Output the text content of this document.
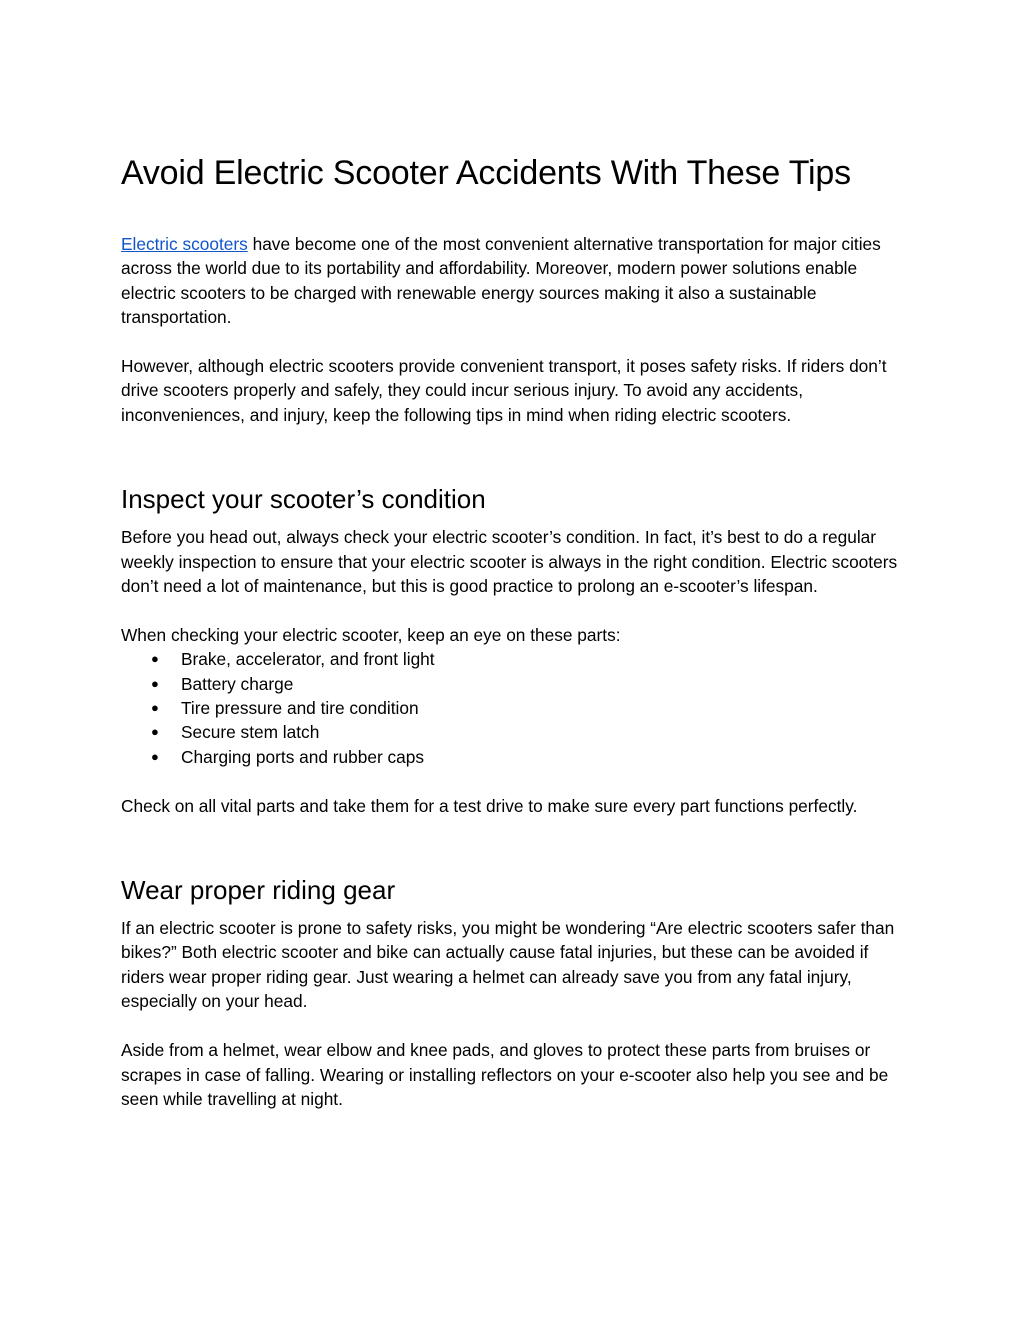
Avoid Electric Scooter Accidents With These Tips

Electric scooters have become one of the most convenient alternative transportation for major cities across the world due to its portability and affordability. Moreover, modern power solutions enable electric scooters to be charged with renewable energy sources making it also a sustainable transportation.

However, although electric scooters provide convenient transport, it poses safety risks. If riders don’t drive scooters properly and safely, they could incur serious injury. To avoid any accidents, inconveniences, and injury, keep the following tips in mind when riding electric scooters.

Inspect your scooter’s condition

Before you head out, always check your electric scooter’s condition. In fact, it’s best to do a regular weekly inspection to ensure that your electric scooter is always in the right condition. Electric scooters don’t need a lot of maintenance, but this is good practice to prolong an e-scooter’s lifespan.

When checking your electric scooter, keep an eye on these parts:

● Brake, accelerator, and front light
● Battery charge
● Tire pressure and tire condition
● Secure stem latch
● Charging ports and rubber caps

Check on all vital parts and take them for a test drive to make sure every part functions perfectly.

Wear proper riding gear

If an electric scooter is prone to safety risks, you might be wondering “Are electric scooters safer than bikes?” Both electric scooter and bike can actually cause fatal injuries, but these can be avoided if riders wear proper riding gear. Just wearing a helmet can already save you from any fatal injury, especially on your head.

Aside from a helmet, wear elbow and knee pads, and gloves to protect these parts from bruises or scrapes in case of falling. Wearing or installing reflectors on your e-scooter also help you see and be seen while travelling at night.
